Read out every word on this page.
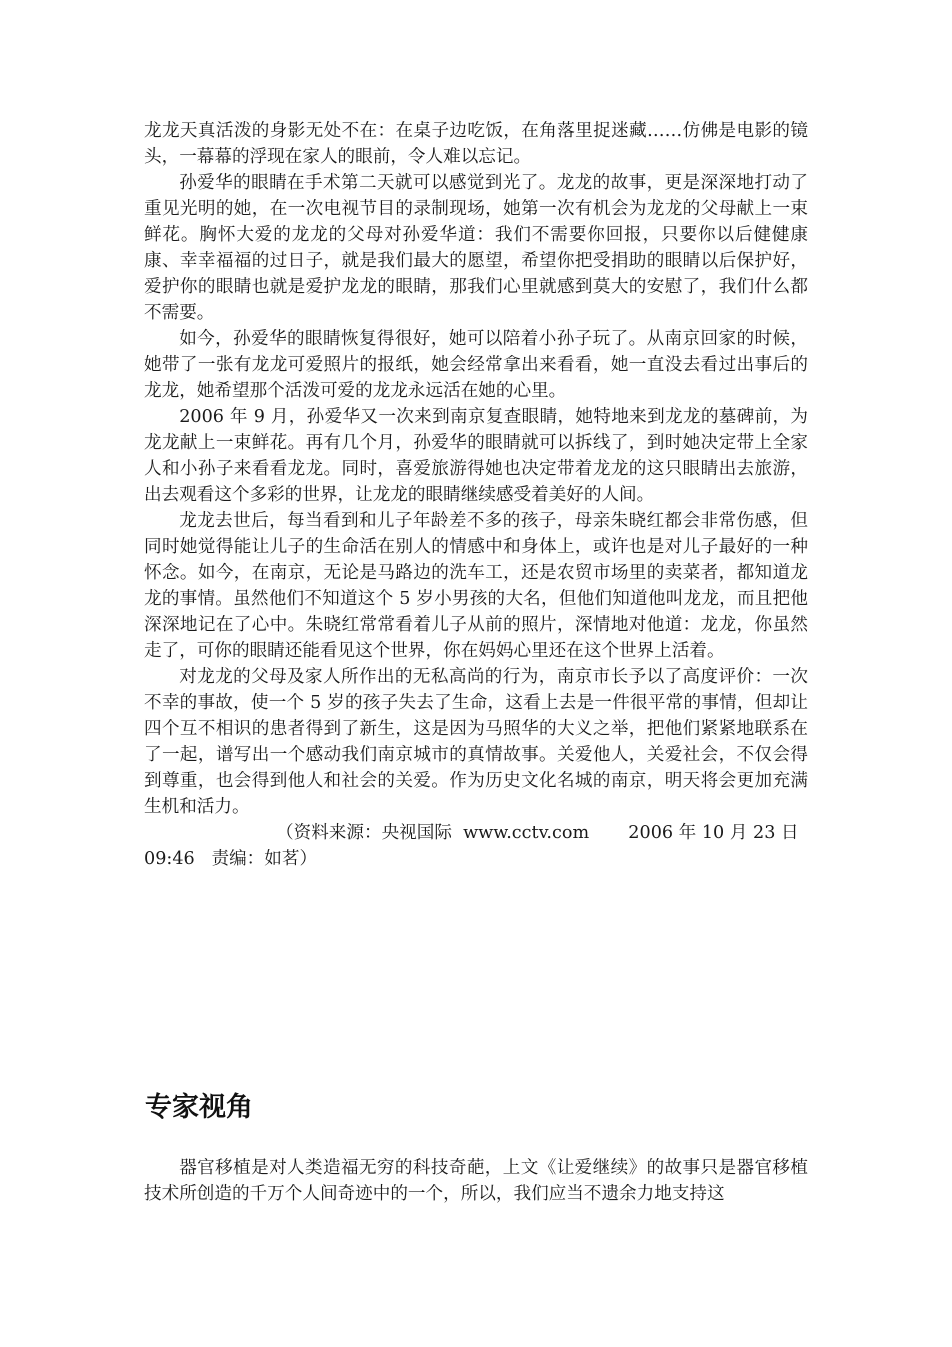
龙龙天真活泼的身影无处不在：在桌子边吃饭，在角落里捉迷藏……仿佛是电影的镜头，一幕幕的浮现在家人的眼前，令人难以忘记。

孙爱华的眼睛在手术第二天就可以感觉到光了。龙龙的故事，更是深深地打动了重见光明的她，在一次电视节目的录制现场，她第一次有机会为龙龙的父母献上一束鲜花。胸怀大爱的龙龙的父母对孙爱华道：我们不需要你回报，只要你以后健健康康、幸幸福福的过日子，就是我们最大的愿望，希望你把受捐助的眼睛以后保护好，爱护你的眼睛也就是爱护龙龙的眼睛，那我们心里就感到莫大的安慰了，我们什么都不需要。

如今，孙爱华的眼睛恢复得很好，她可以陪着小孙子玩了。从南京回家的时候，她带了一张有龙龙可爱照片的报纸，她会经常拿出来看看，她一直没去看过出事后的龙龙，她希望那个活泼可爱的龙龙永远活在她的心里。

2006 年 9 月，孙爱华又一次来到南京复查眼睛，她特地来到龙龙的墓碑前，为龙龙献上一束鲜花。再有几个月，孙爱华的眼睛就可以拆线了，到时她决定带上全家人和小孙子来看看龙龙。同时，喜爱旅游得她也决定带着龙龙的这只眼睛出去旅游，出去观看这个多彩的世界，让龙龙的眼睛继续感受着美好的人间。

龙龙去世后，每当看到和儿子年龄差不多的孩子，母亲朱晓红都会非常伤感，但同时她觉得能让儿子的生命活在别人的情感中和身体上，或许也是对儿子最好的一种怀念。如今，在南京，无论是马路边的洗车工，还是农贸市场里的卖菜者，都知道龙龙的事情。虽然他们不知道这个 5 岁小男孩的大名，但他们知道他叫龙龙，而且把他深深地记在了心中。朱晓红常常看着儿子从前的照片，深情地对他道：龙龙，你虽然走了，可你的眼睛还能看见这个世界，你在妈妈心里还在这个世界上活着。

对龙龙的父母及家人所作出的无私高尚的行为，南京市长予以了高度评价：一次不幸的事故，使一个 5 岁的孩子失去了生命，这看上去是一件很平常的事情，但却让四个互不相识的患者得到了新生，这是因为马照华的大义之举，把他们紧紧地联系在了一起，谱写出一个感动我们南京城市的真情故事。关爱他人，关爱社会，不仅会得到尊重，也会得到他人和社会的关爱。作为历史文化名城的南京，明天将会更加充满生机和活力。

（资料来源：央视国际  www.cctv.com       2006 年 10 月 23 日

09:46   责编：如茗）

专家视角

器官移植是对人类造福无穷的科技奇葩，上文《让爱继续》的故事只是器官移植技术所创造的千万个人间奇迹中的一个，所以，我们应当不遗余力地支持这
